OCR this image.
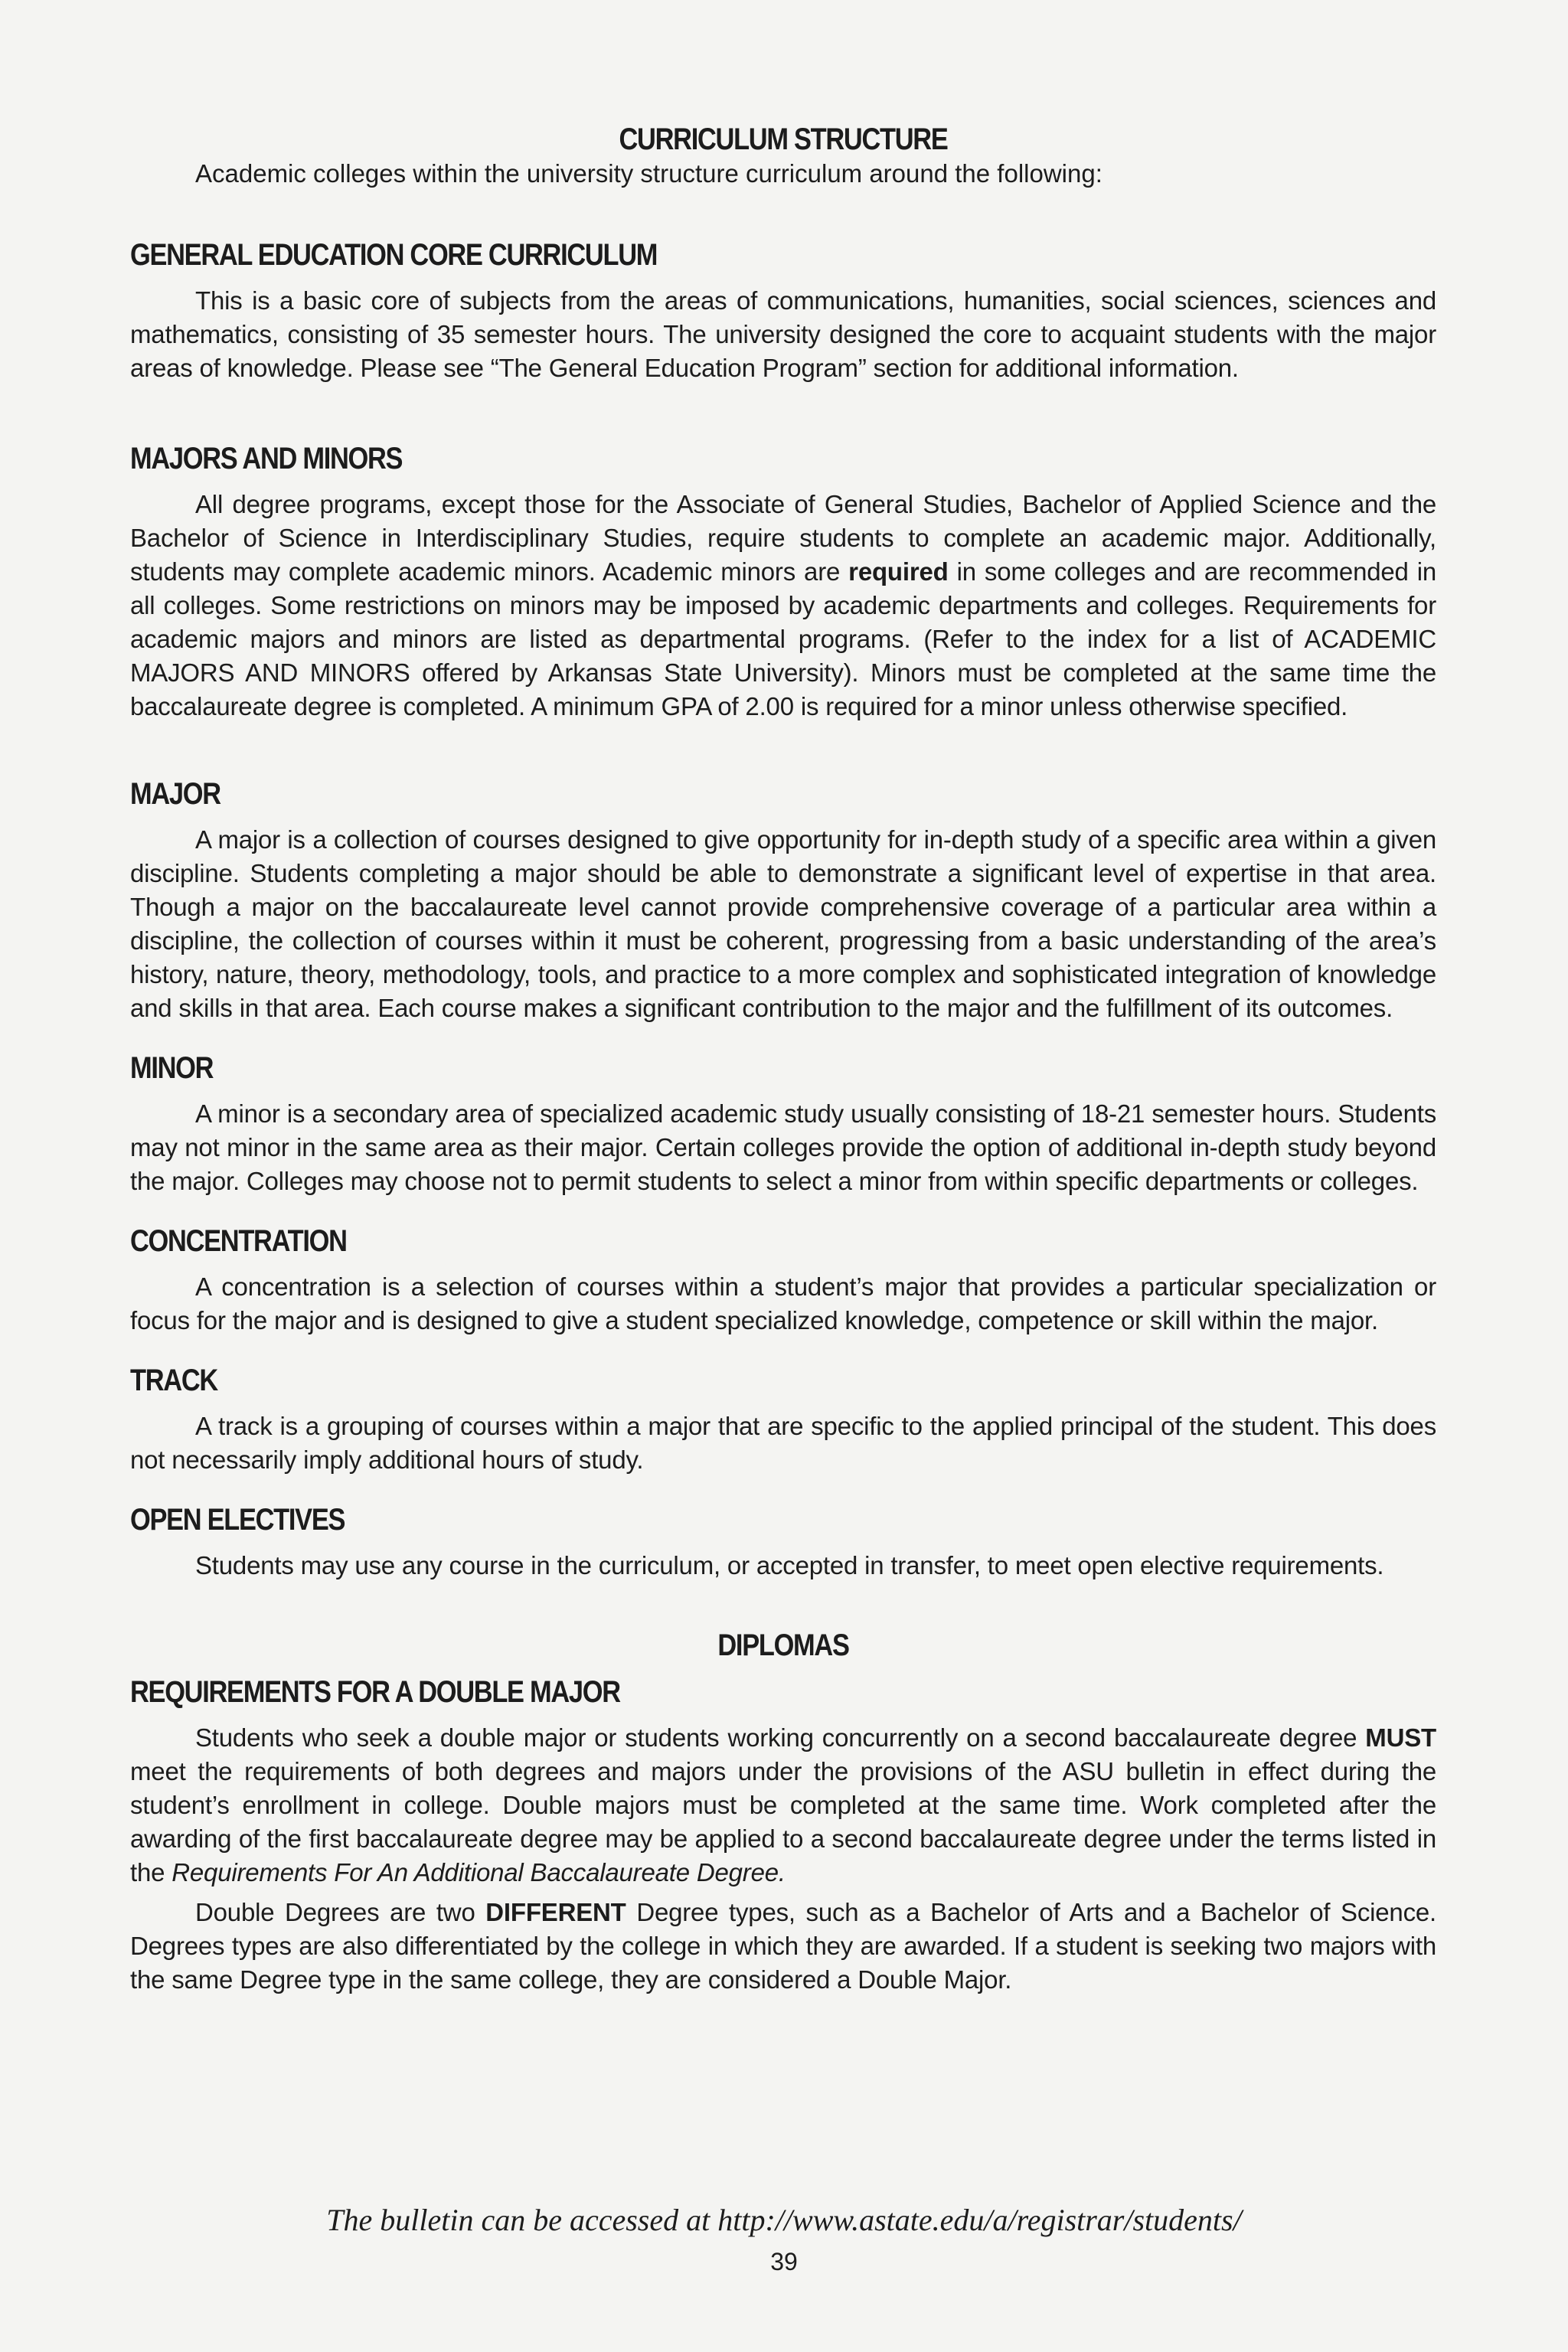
CURRICULUM STRUCTURE

Academic colleges within the university structure curriculum around the following:

GENERAL EDUCATION CORE CURRICULUM

This is a basic core of subjects from the areas of communications, humanities, social sciences, sciences and mathematics, consisting of 35 semester hours. The university designed the core to acquaint students with the major areas of knowledge. Please see “The General Education Program” section for additional information.

MAJORS AND MINORS

All degree programs, except those for the Associate of General Studies, Bachelor of Applied Science and the Bachelor of Science in Interdisciplinary Studies, require students to complete an academic major. Additionally, students may complete academic minors. Academic minors are required in some colleges and are recommended in all colleges. Some restrictions on minors may be imposed by academic departments and colleges. Requirements for academic majors and minors are listed as departmental programs. (Refer to the index for a list of ACADEMIC MAJORS AND MINORS offered by Arkansas State University). Minors must be completed at the same time the baccalaureate degree is completed. A minimum GPA of 2.00 is required for a minor unless otherwise specified.

MAJOR

A major is a collection of courses designed to give opportunity for in-depth study of a specific area within a given discipline. Students completing a major should be able to demonstrate a significant level of expertise in that area. Though a major on the baccalaureate level cannot provide comprehensive coverage of a particular area within a discipline, the collection of courses within it must be coherent, progressing from a basic understanding of the area’s history, nature, theory, methodology, tools, and practice to a more complex and sophisticated integration of knowledge and skills in that area. Each course makes a significant contribution to the major and the fulfillment of its outcomes.

MINOR

A minor is a secondary area of specialized academic study usually consisting of 18-21 semester hours. Students may not minor in the same area as their major. Certain colleges provide the option of additional in-depth study beyond the major. Colleges may choose not to permit students to select a minor from within specific departments or colleges.

CONCENTRATION

A concentration is a selection of courses within a student’s major that provides a particular specialization or focus for the major and is designed to give a student specialized knowledge, competence or skill within the major.

TRACK

A track is a grouping of courses within a major that are specific to the applied principal of the student. This does not necessarily imply additional hours of study.

OPEN ELECTIVES

Students may use any course in the curriculum, or accepted in transfer, to meet open elective requirements.

DIPLOMAS
REQUIREMENTS FOR A DOUBLE MAJOR

Students who seek a double major or students working concurrently on a second baccalaureate degree MUST meet the requirements of both degrees and majors under the provisions of the ASU bulletin in effect during the student’s enrollment in college. Double majors must be completed at the same time. Work completed after the awarding of the first baccalaureate degree may be applied to a second baccalaureate degree under the terms listed in the Requirements For An Additional Baccalaureate Degree.

Double Degrees are two DIFFERENT Degree types, such as a Bachelor of Arts and a Bachelor of Science. Degrees types are also differentiated by the college in which they are awarded. If a student is seeking two majors with the same Degree type in the same college, they are considered a Double Major.

The bulletin can be accessed at http://www.astate.edu/a/registrar/students/
39
